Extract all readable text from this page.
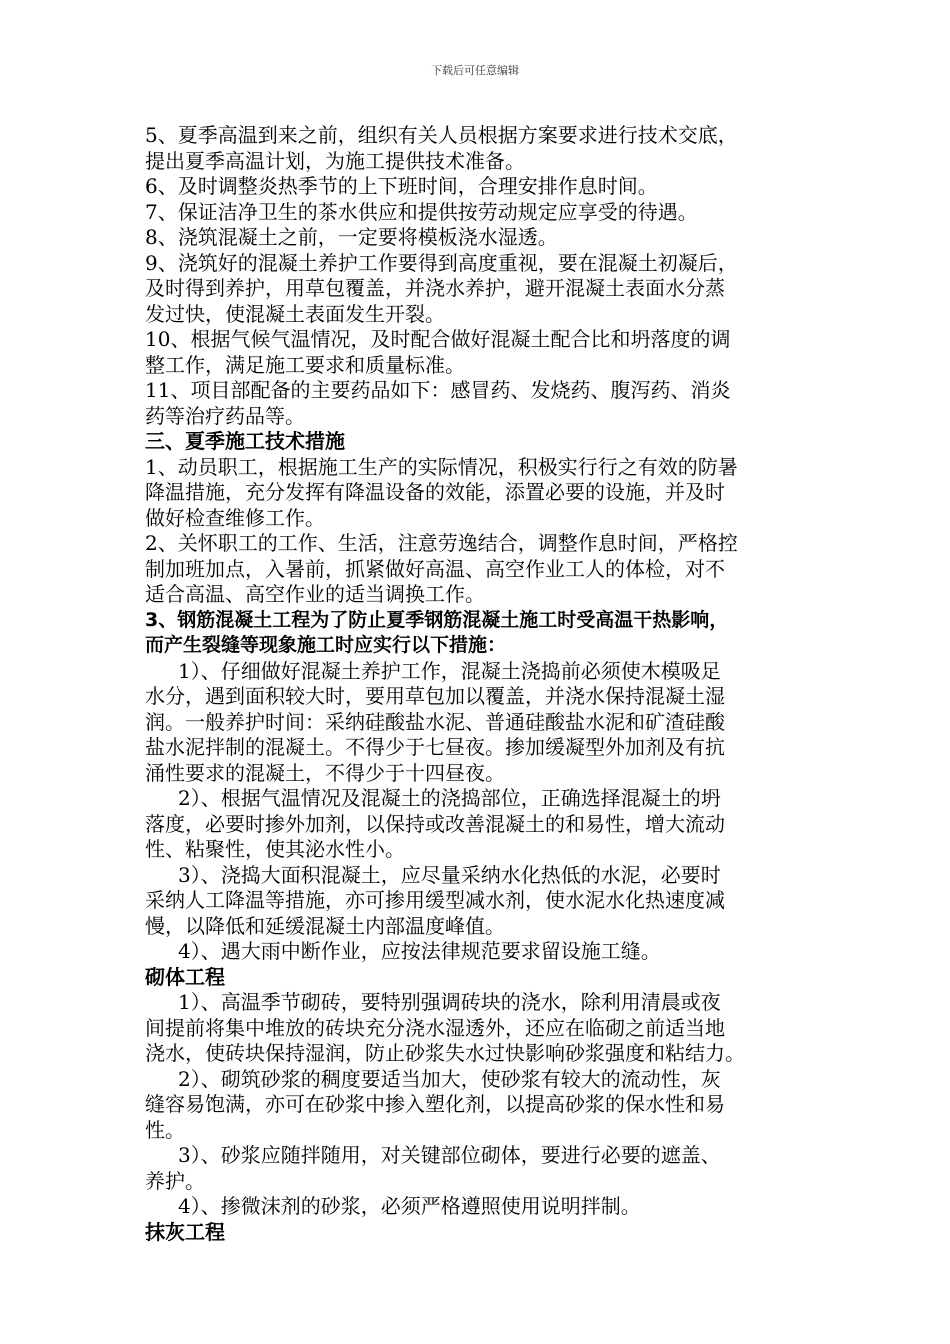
下载后可任意编辑
5、夏季高温到来之前，组织有关人员根据方案要求进行技术交底，
提出夏季高温计划，为施工提供技术准备。
6、及时调整炎热季节的上下班时间，合理安排作息时间。
7、保证洁净卫生的茶水供应和提供按劳动规定应享受的待遇。
8、浇筑混凝土之前，一定要将模板浇水湿透。
9、浇筑好的混凝土养护工作要得到高度重视，要在混凝土初凝后，
及时得到养护，用草包覆盖，并浇水养护，避开混凝土表面水分蒸
发过快，使混凝土表面发生开裂。
10、根据气候气温情况，及时配合做好混凝土配合比和坍落度的调
整工作，满足施工要求和质量标准。
11、项目部配备的主要药品如下：感冒药、发烧药、腹泻药、消炎
药等治疗药品等。
三、夏季施工技术措施
1、动员职工，根据施工生产的实际情况，积极实行行之有效的防暑
降温措施，充分发挥有降温设备的效能，添置必要的设施，并及时
做好检查维修工作。
2、关怀职工的工作、生活，注意劳逸结合，调整作息时间，严格控
制加班加点，入暑前，抓紧做好高温、高空作业工人的体检，对不
适合高温、高空作业的适当调换工作。
3、钢筋混凝土工程为了防止夏季钢筋混凝土施工时受高温干热影响，
而产生裂缝等现象施工时应实行以下措施：
1）、仔细做好混凝土养护工作，混凝土浇捣前必须使木模吸足
水分，遇到面积较大时，要用草包加以覆盖，并浇水保持混凝土湿
润。一般养护时间：采纳硅酸盐水泥、普通硅酸盐水泥和矿渣硅酸
盐水泥拌制的混凝土。不得少于七昼夜。掺加缓凝型外加剂及有抗
涌性要求的混凝土，不得少于十四昼夜。
2）、根据气温情况及混凝土的浇捣部位，正确选择混凝土的坍
落度，必要时掺外加剂，以保持或改善混凝土的和易性，增大流动
性、粘聚性，使其泌水性小。
3）、浇捣大面积混凝土，应尽量采纳水化热低的水泥，必要时
采纳人工降温等措施，亦可掺用缓型减水剂，使水泥水化热速度减
慢，以降低和延缓混凝土内部温度峰值。
4）、遇大雨中断作业，应按法律规范要求留设施工缝。
砌体工程
1）、高温季节砌砖，要特别强调砖块的浇水，除利用清晨或夜
间提前将集中堆放的砖块充分浇水湿透外，还应在临砌之前适当地
浇水，使砖块保持湿润，防止砂浆失水过快影响砂浆强度和粘结力。
2）、砌筑砂浆的稠度要适当加大，使砂浆有较大的流动性，灰
缝容易饱满，亦可在砂浆中掺入塑化剂，以提高砂浆的保水性和易
性。
3）、砂浆应随拌随用，对关键部位砌体，要进行必要的遮盖、
养护。
4）、掺微沫剂的砂浆，必须严格遵照使用说明拌制。
抹灰工程
